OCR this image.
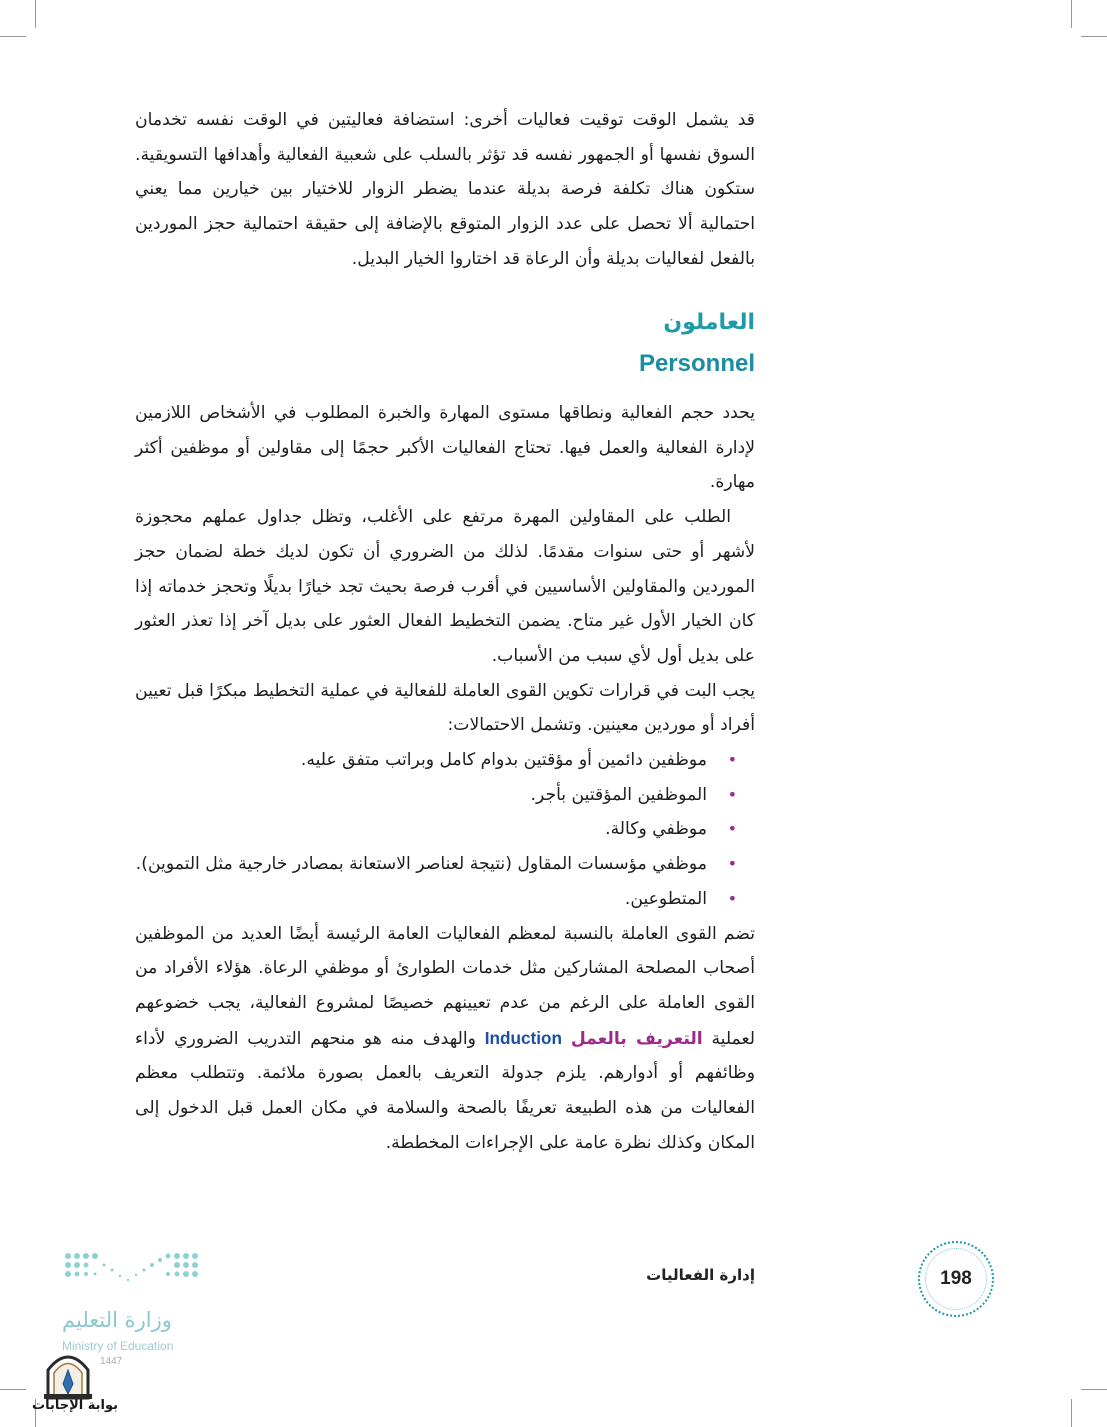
قد يشمل الوقت توقيت فعاليات أخرى: استضافة فعاليتين في الوقت نفسه تخدمان السوق نفسها أو الجمهور نفسه قد تؤثر بالسلب على شعبية الفعالية وأهدافها التسويقية. ستكون هناك تكلفة فرصة بديلة عندما يضطر الزوار للاختيار بين خيارين مما يعني احتمالية ألا تحصل على عدد الزوار المتوقع بالإضافة إلى حقيقة احتمالية حجز الموردين بالفعل لفعاليات بديلة وأن الرعاة قد اختاروا الخيار البديل.

العاملون
Personnel

يحدد حجم الفعالية ونطاقها مستوى المهارة والخبرة المطلوب في الأشخاص اللازمين لإدارة الفعالية والعمل فيها. تحتاج الفعاليات الأكبر حجمًا إلى مقاولين أو موظفين أكثر مهارة.

الطلب على المقاولين المهرة مرتفع على الأغلب، وتظل جداول عملهم محجوزة لأشهر أو حتى سنوات مقدمًا. لذلك من الضروري أن تكون لديك خطة لضمان حجز الموردين والمقاولين الأساسيين في أقرب فرصة بحيث تجد خيارًا بديلًا وتحجز خدماته إذا كان الخيار الأول غير متاح. يضمن التخطيط الفعال العثور على بديل آخر إذا تعذر العثور على بديل أول لأي سبب من الأسباب.

يجب البت في قرارات تكوين القوى العاملة للفعالية في عملية التخطيط مبكرًا قبل تعيين أفراد أو موردين معينين. وتشمل الاحتمالات:

•
موظفين دائمين أو مؤقتين بدوام كامل وبراتب متفق عليه.
•
الموظفين المؤقتين بأجر.
•
موظفي وكالة.
•
موظفي مؤسسات المقاول (نتيجة لعناصر الاستعانة بمصادر خارجية مثل التموين).
•
المتطوعين.

تضم القوى العاملة بالنسبة لمعظم الفعاليات العامة الرئيسة أيضًا العديد من الموظفين أصحاب المصلحة المشاركين مثل خدمات الطوارئ أو موظفي الرعاة. هؤلاء الأفراد من القوى العاملة على الرغم من عدم تعيينهم خصيصًا لمشروع الفعالية، يجب خضوعهم لعملية التعريف بالعمل Induction والهدف منه هو منحهم التدريب الضروري لأداء وظائفهم أو أدوارهم. يلزم جدولة التعريف بالعمل بصورة ملائمة. وتتطلب معظم الفعاليات من هذه الطبيعة تعريفًا بالصحة والسلامة في مكان العمل قبل الدخول إلى المكان وكذلك نظرة عامة على الإجراءات المخططة.

إدارة الفعاليات	198
وزارة التعليم
Ministry of Education
1447
بوابة الإجابات
